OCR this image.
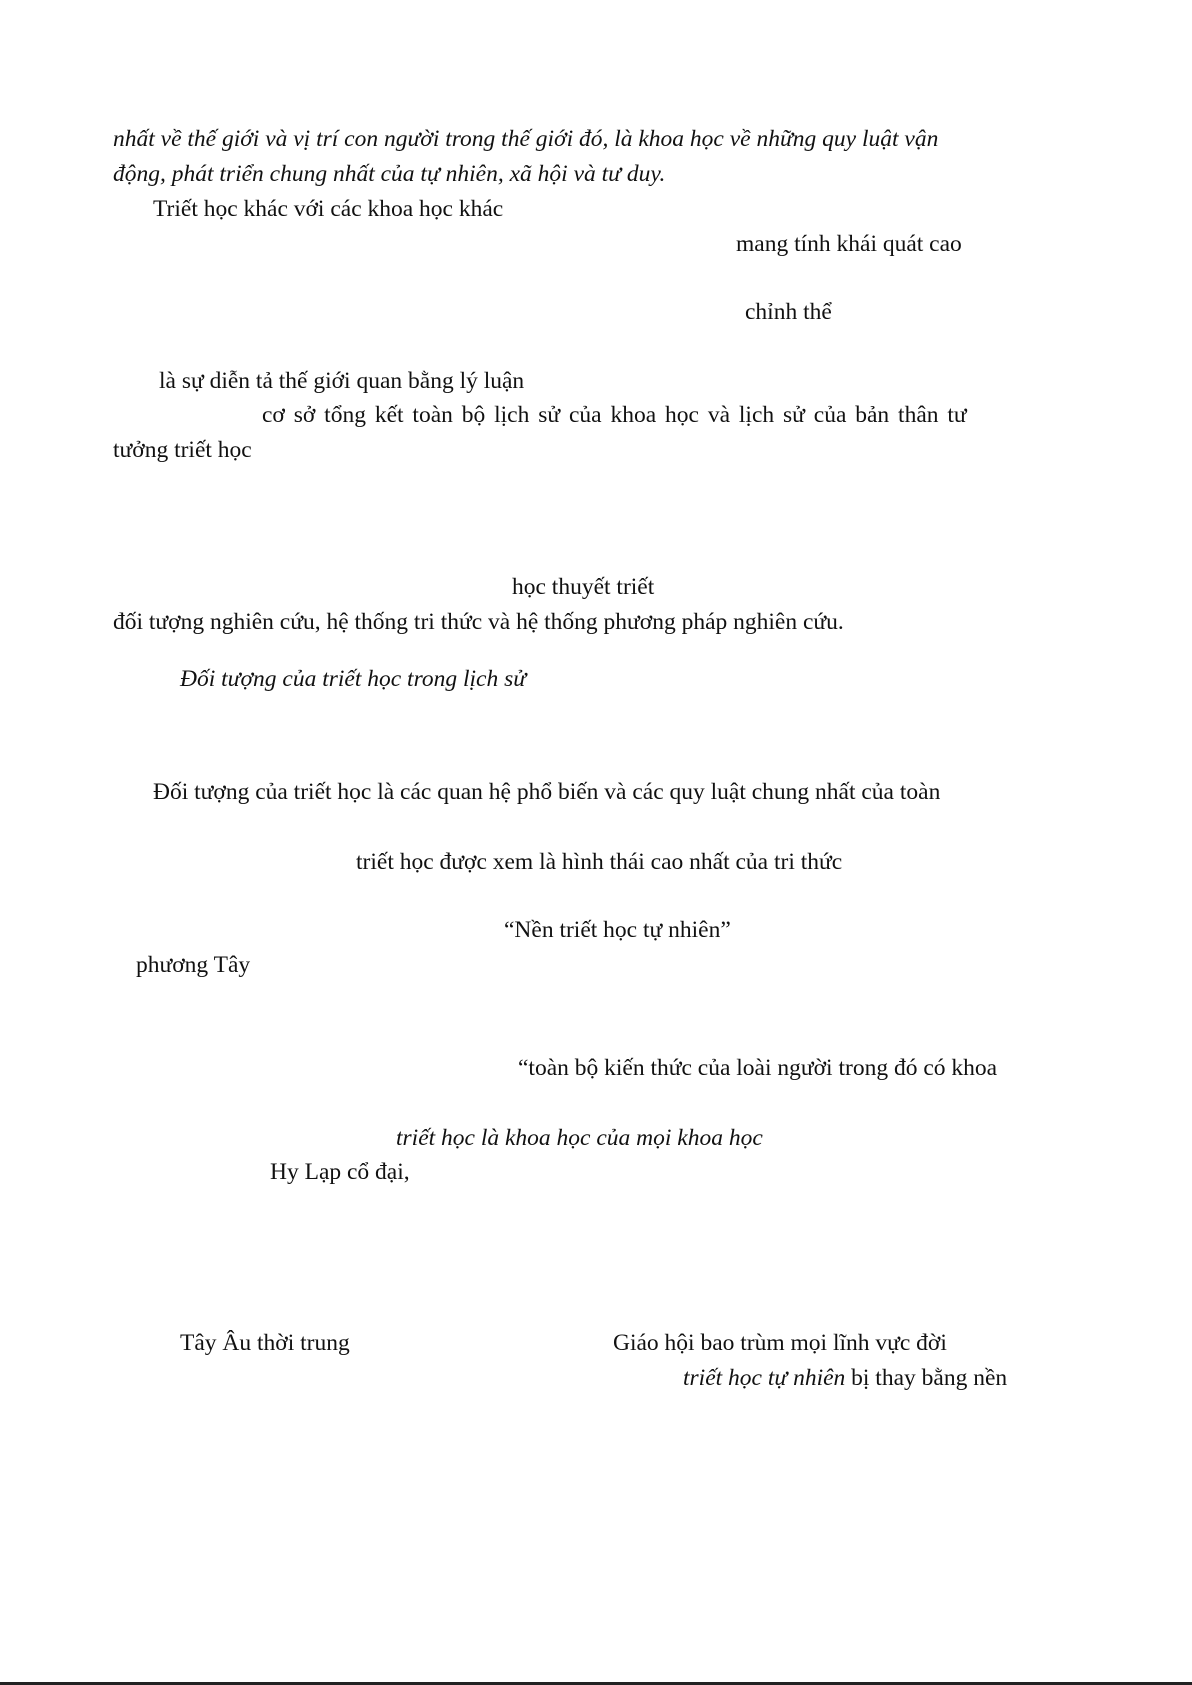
nhất về thế giới và vị trí con người trong thế giới đó, là khoa học về những quy luật vận

động, phát triển chung nhất của tự nhiên, xã hội và tư duy.

Triết học khác với các khoa học khác

mang tính khái quát cao

chỉnh thể

là sự diễn tả thế giới quan bằng lý luận

cơ sở tổng kết toàn bộ lịch sử của khoa học và lịch sử của bản thân tư

tưởng triết học

học thuyết triết

đối tượng nghiên cứu, hệ thống tri thức và hệ thống phương pháp nghiên cứu.

Đối tượng của triết học trong lịch sử

Đối tượng của triết học là các quan hệ phổ biến và các quy luật chung nhất của toàn

triết học được xem là hình thái cao nhất của tri thức

“Nền triết học tự nhiên”

phương Tây

“toàn bộ kiến thức của loài người trong đó có khoa

triết học là khoa học của mọi khoa học

Hy Lạp cổ đại,

Tây Âu thời trung	Giáo hội bao trùm mọi lĩnh vực đời

triết học tự nhiên bị thay bằng nền
